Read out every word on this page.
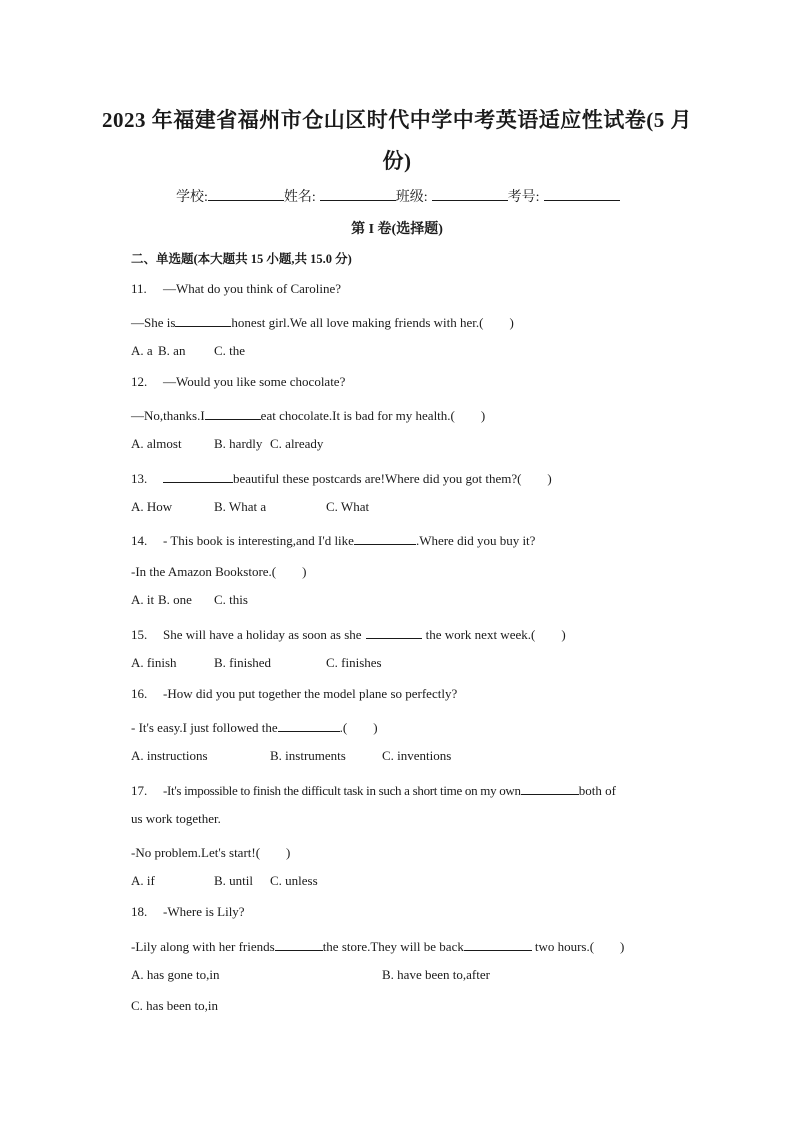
2023 年福建省福州市仓山区时代中学中考英语适应性试卷(5 月
份)
学校:	姓名:	班级:	考号:
第 I 卷(选择题)
二、单选题(本大题共 15 小题,共 15.0 分)
11. —What do you think of Caroline?
—She is	honest girl.We all love making friends with her.(　　)
A. a B. an C. the
12. —Would you like some chocolate?
—No,thanks.I	eat chocolate.It is bad for my health.(　　)
A. almost B. hardly C. already
13.	beautiful these postcards are!Where did you got them?(　　)
A. How	B. What a	C. What
14. - This book is interesting,and I'd like	.Where did you buy it?
-In the Amazon Bookstore.(　　)
A. it B. one C. this
15. She will have a holiday as soon as she	the work next week.(　　)
A. finish	B. finished	C. finishes
16. -How did you put together the model plane so perfectly?
- It's easy.I just followed the	.(　　)
A. instructions	B. instruments	C. inventions
17. -It's impossible to finish the difficult task in such a short time on my own	both of
us work together.
-No problem.Let's start!(　　)
A. if	B. until C. unless
18. -Where is Lily?
-Lily along with her friends	the store.They will be back	two hours.(　　)
A. has gone to,in	B. have been to,after
C. has been to,in
